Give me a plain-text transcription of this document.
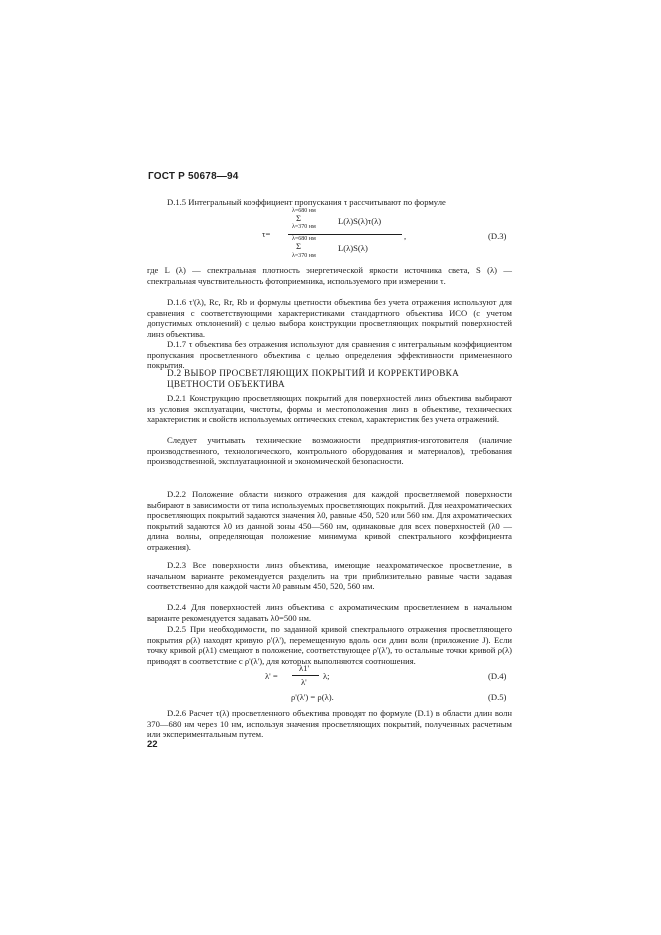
ГОСТ Р 50678—94

D.1.5 Интегральный коэффициент пропускания τ рассчитывают по формуле

τ=
λ=680 нм
Σ
λ=370 нм
L(λ)S(λ)τ(λ)
λ=680 нм
Σ
λ=370 нм
L(λ)S(λ)
,	(D.3)

где L (λ) — спектральная плотность энергетической яркости источника света, S (λ) — спектральная чувствительность фотоприемника, используемого при измерении τ.

D.1.6 τ'(λ), Rc, Rr, Rb и формулы цветности объектива без учета отражения используют для сравнения с соответствующими характеристиками стандартного объектива ИСО (с учетом допустимых отклонений) с целью выбора конструкции просветляющих покрытий поверхностей линз объектива.

D.1.7 τ объектива без отражения используют для сравнения с интегральным коэффициентом пропускания просветленного объектива с целью определения эффективности примененного покрытия.

D.2 ВЫБОР ПРОСВЕТЛЯЮЩИХ ПОКРЫТИЙ И КОРРЕКТИРОВКА ЦВЕТНОСТИ ОБЪЕКТИВА

D.2.1 Конструкцию просветляющих покрытий для поверхностей линз объектива выбирают из условия эксплуатации, чистоты, формы и местоположения линз в объективе, технических характеристик и свойств используемых оптических стекол, характеристик без учета отражений.

Следует учитывать технические возможности предприятия-изготовителя (наличие производственного, технологического, контрольного оборудования и материалов), требования производственной, эксплуатационной и экономической безопасности.

D.2.2 Положение области низкого отражения для каждой просветляемой поверхности выбирают в зависимости от типа используемых просветляющих покрытий. Для неахроматических просветляющих покрытий задаются значения λ0, равные 450, 520 или 560 нм. Для ахроматических покрытий задаются λ0 из данной зоны 450—560 нм, одинаковые для всех поверхностей (λ0 — длина волны, определяющая положение минимума кривой спектрального коэффициента отражения).

D.2.3 Все поверхности линз объектива, имеющие неахроматическое просветление, в начальном варианте рекомендуется разделить на три приблизительно равные части задавая соответственно для каждой части λ0 равным 450, 520, 560 нм.

D.2.4 Для поверхностей линз объектива с ахроматическим просветлением в начальном варианте рекомендуется задавать λ0=500 нм.

D.2.5 При необходимости, по заданной кривой спектрального отражения просветляющего покрытия ρ(λ) находят кривую ρ'(λ'), перемещенную вдоль оси длин волн (приложение J). Если точку кривой ρ(λ1) смещают в положение, соответствующее ρ'(λ'), то остальные точки кривой ρ(λ) приводят в соответствие с ρ'(λ'), для которых выполняются соотношения.

λ' =
λ1'
λ'
λ;	(D.4)
ρ'(λ') = ρ(λ).	(D.5)

D.2.6 Расчет τ(λ) просветленного объектива проводят по формуле (D.1) в области длин волн 370—680 нм через 10 нм, используя значения просветляющих покрытий, полученных расчетным или экспериментальным путем.

22
